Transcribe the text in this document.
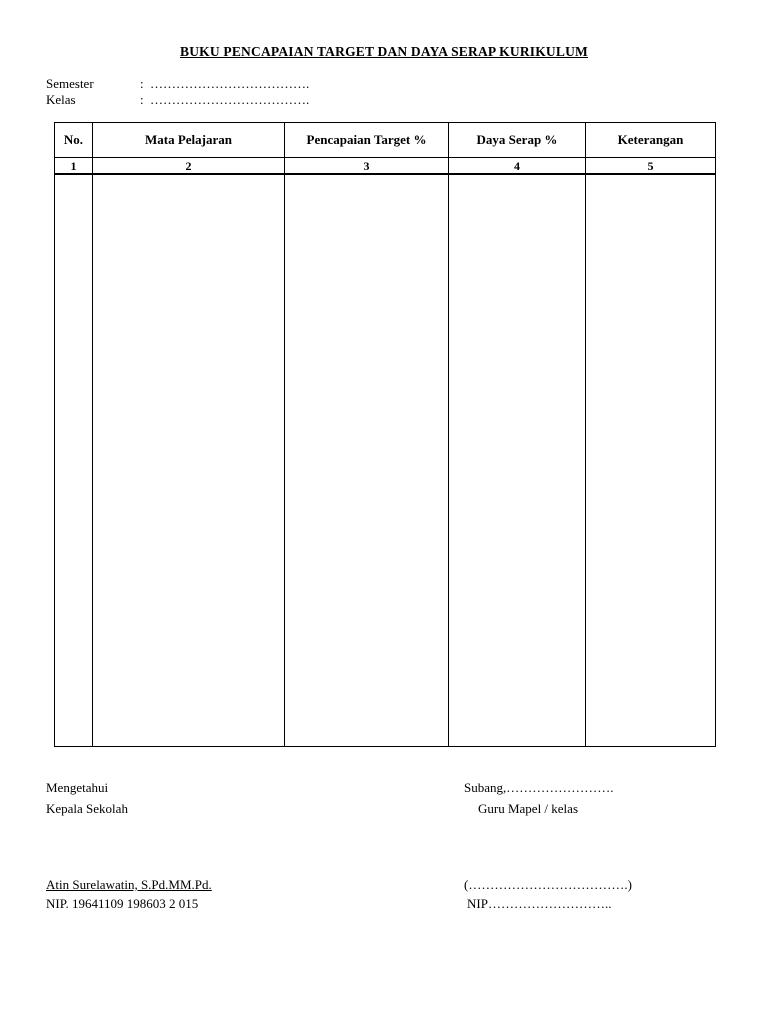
BUKU PENCAPAIAN TARGET DAN DAYA SERAP KURIKULUM
Semester	: ……………………………….
Kelas	: ……………………………….
No.	Mata Pelajaran	Pencapaian Target %	Daya Serap %	Keterangan
1	2	3	4	5

Mengetahui
Kepala Sekolah
Atin Surelawatin, S.Pd.MM.Pd.
NIP. 19641109 198603 2 015
Subang,…………………….
Guru Mapel / kelas
(……………………………….)
NIP………………………..
